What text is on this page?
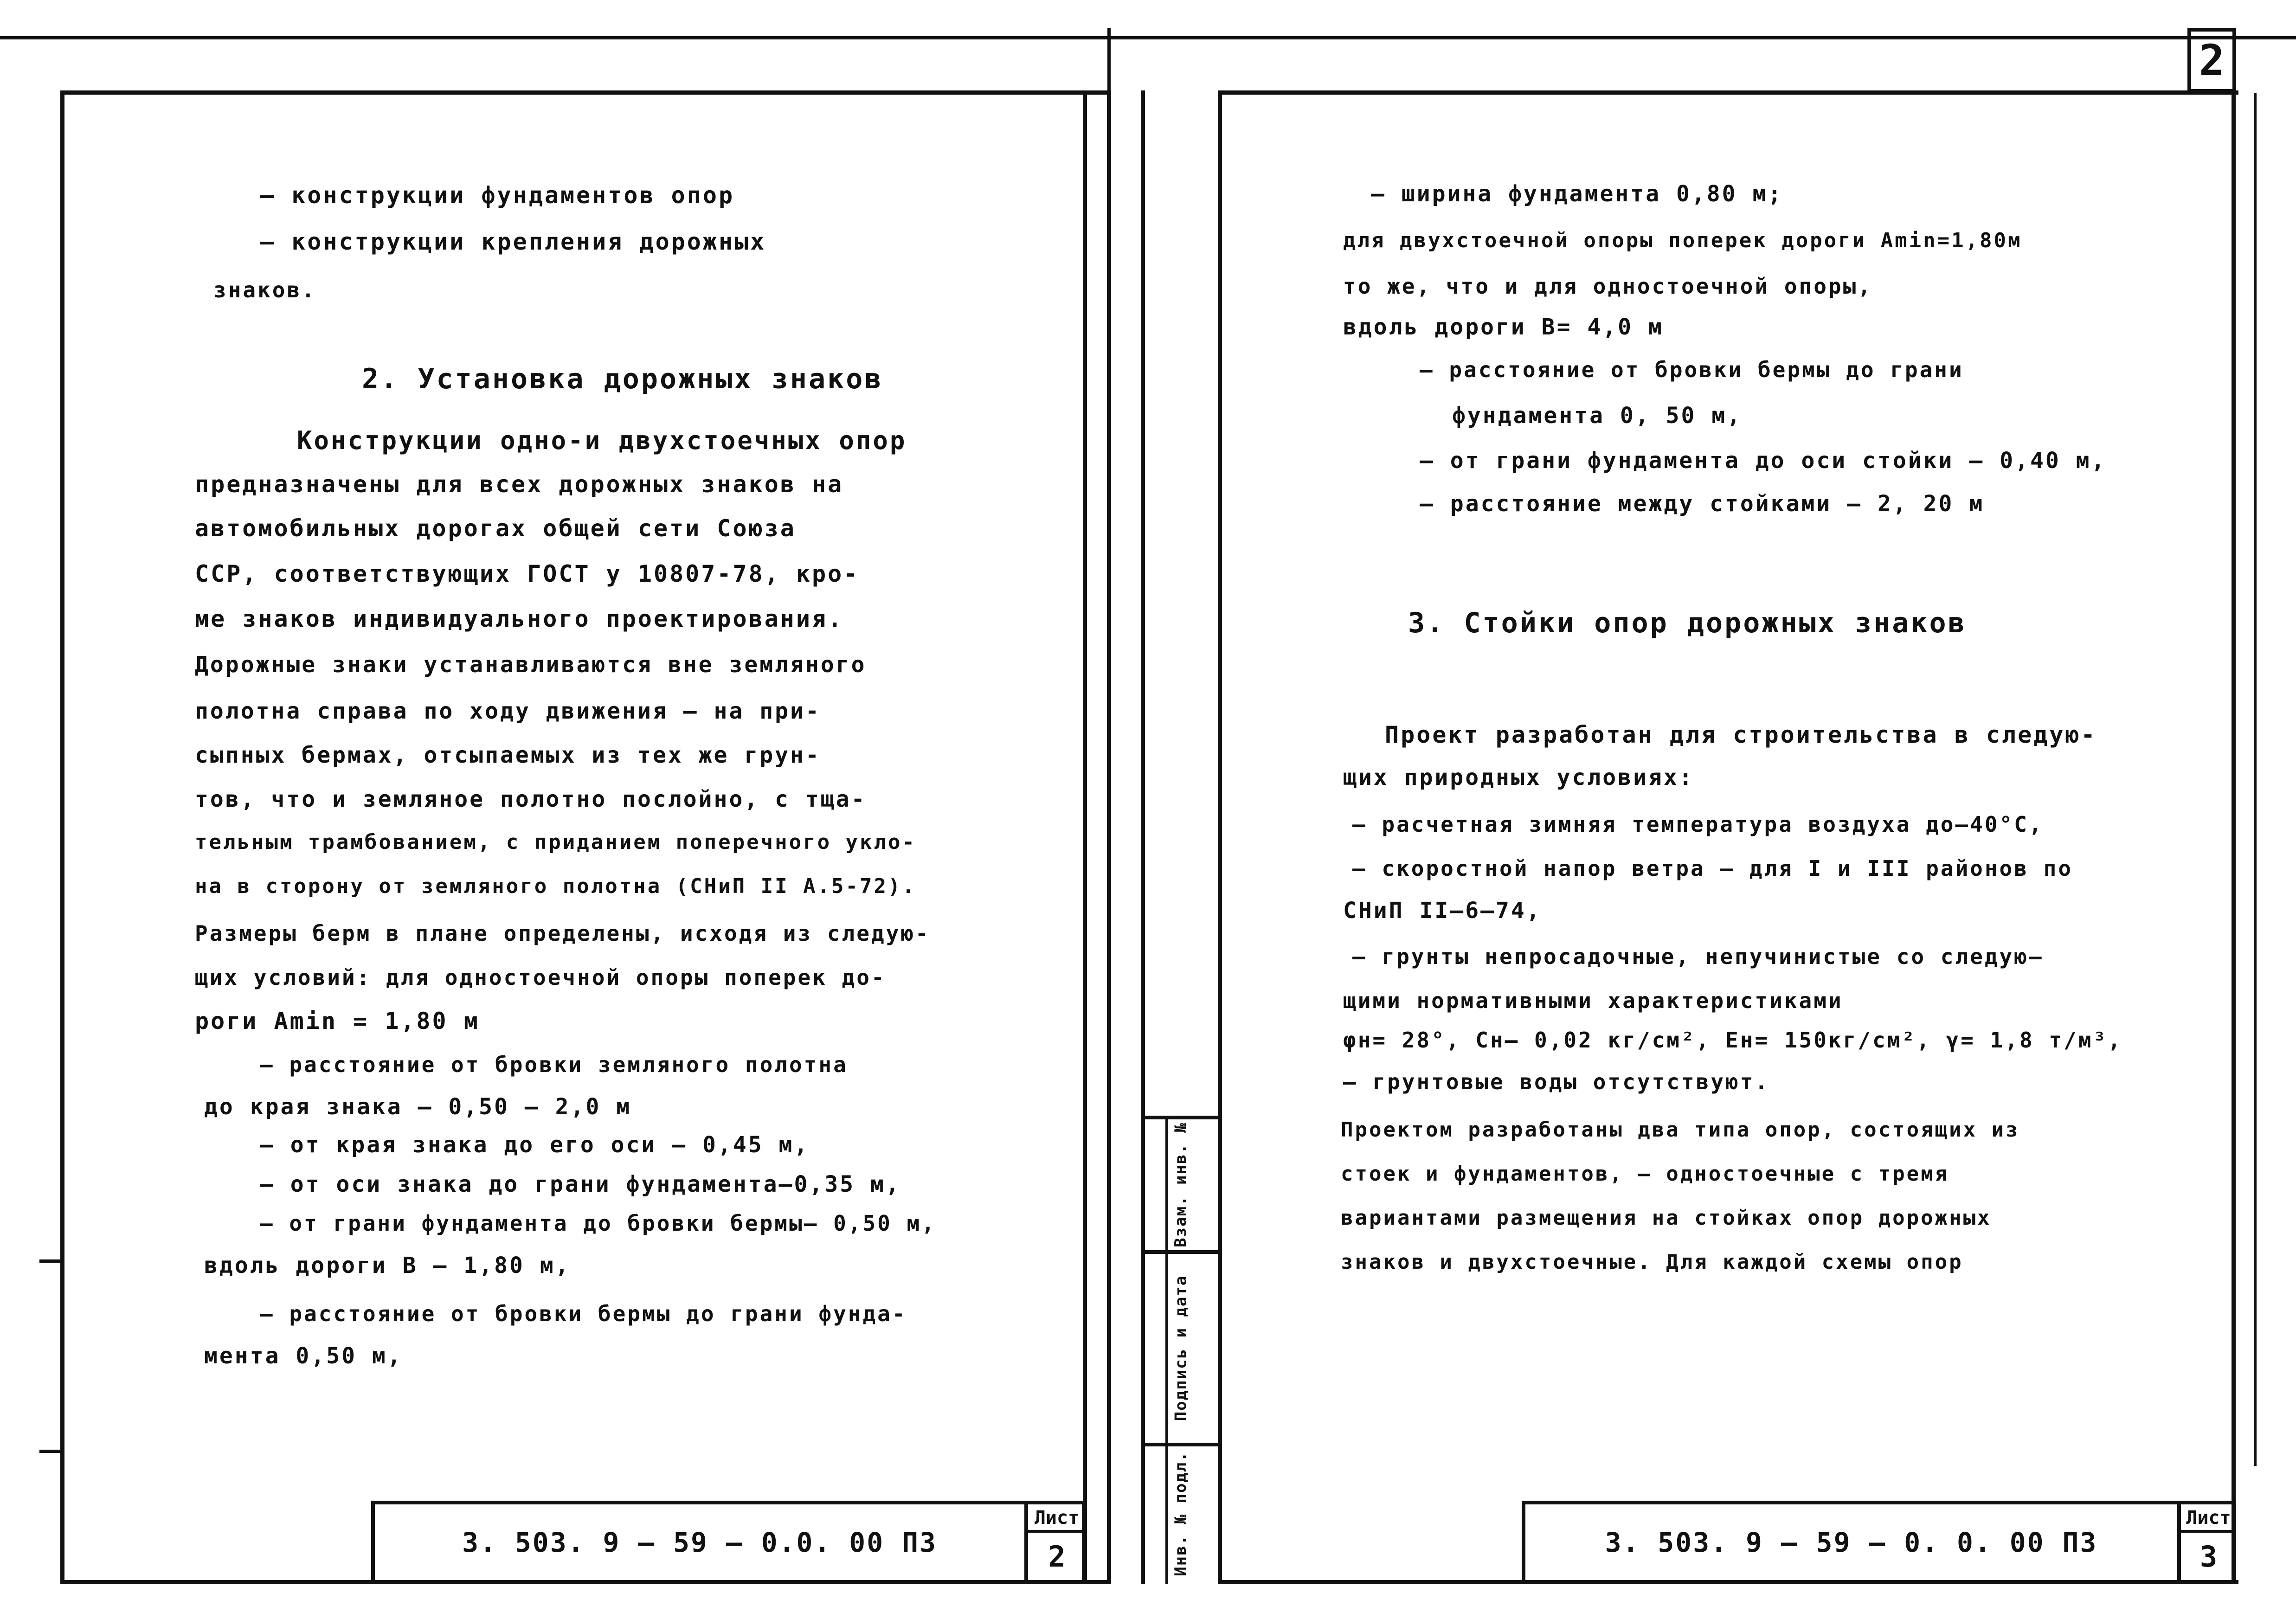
2
Инв. № подл.
Подпись и дата
Взам. инв. №
— конструкции фундаментов опор
— конструкции крепления дорожных
знаков.
2. Установка дорожных знаков
Конструкции одно-и двухстоечных опор
предназначены для всех дорожных знаков на
автомобильных дорогах общей сети Союза
ССР, соответствующих ГОСТ у 10807-78, кро-
ме знаков индивидуального проектирования.
Дорожные знаки устанавливаются вне земляного
полотна справа по ходу движения – на при-
сыпных бермах, отсыпаемых из тех же грун-
тов, что и земляное полотно послойно, с тща-
тельным трамбованием, с приданием поперечного укло-
на в сторону от земляного полотна (СНиП II А.5-72).
Размеры берм в плане определены, исходя из следую-
щих условий: для одностоечной опоры поперек до-
роги Amin = 1,80 м
– расстояние от бровки земляного полотна
до края знака – 0,50 – 2,0 м
– от края знака до его оси – 0,45 м,
– от оси знака до грани фундамента–0,35 м,
– от грани фундамента до бровки бермы– 0,50 м,
вдоль дороги В – 1,80 м,
– расстояние от бровки бермы до грани фунда-
мента 0,50 м,
3. 503. 9 – 59 – 0.0. 00 ПЗ
Лист
2
— ширина фундамента 0,80 м;
для двухстоечной опоры поперек дороги Amin=1,80м
то же, что и для одностоечной опоры,
вдоль дороги В= 4,0 м
– расстояние от бровки бермы до грани
фундамента 0, 50 м,
– от грани фундамента до оси стойки – 0,40 м,
– расстояние между стойками – 2, 20 м
3. Стойки опор дорожных знаков
Проект разработан для строительства в следую-
щих природных условиях:
– расчетная зимняя температура воздуха до–40°С,
– скоростной напор ветра – для I и III районов по
СНиП II–6–74,
– грунты непросадочные, непучинистые со следую–
щими нормативными характеристиками
φн= 28°, Сн– 0,02 кг/см², Ен= 150кг/см², γ= 1,8 т/м³,
– грунтовые воды отсутствуют.
Проектом разработаны два типа опор, состоящих из
стоек и фундаментов, – одностоечные с тремя
вариантами размещения на стойках опор дорожных
знаков и двухстоечные. Для каждой схемы опор
3. 503. 9 – 59 – 0. 0. 00 ПЗ
Лист
3
